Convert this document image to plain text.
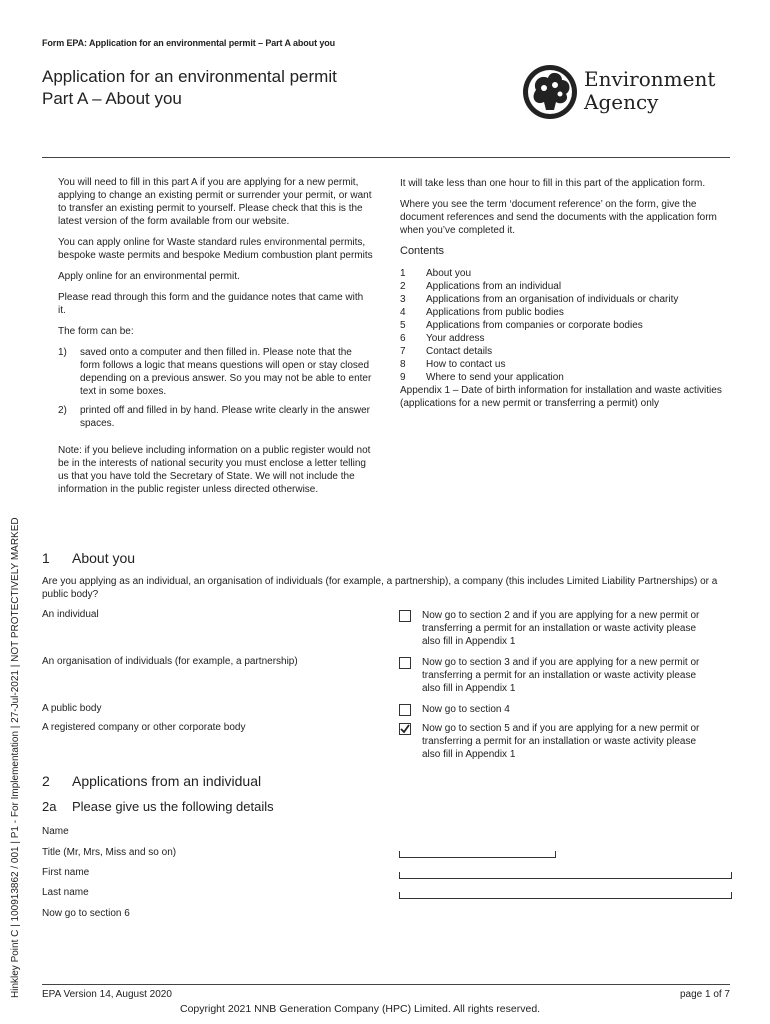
Form EPA: Application for an environmental permit – Part A about you
Application for an environmental permit
Part A – About you
Environment
Agency

You will need to fill in this part A if you are applying for a new permit, applying to change an existing permit or surrender your permit, or want to transfer an existing permit to yourself. Please check that this is the latest version of the form available from our website.

You can apply online for Waste standard rules environmental permits, bespoke waste permits and bespoke Medium combustion plant permits

Apply online for an environmental permit.

Please read through this form and the guidance notes that came with it.

The form can be:

1)	saved onto a computer and then filled in. Please note that the form follows a logic that means questions will open or stay closed depending on a previous answer. So you may not be able to enter text in some boxes.
2)	printed off and filled in by hand. Please write clearly in the answer spaces.

Note: if you believe including information on a public register would not be in the interests of national security you must enclose a letter telling us that you have told the Secretary of State. We will not include the information in the public register unless directed otherwise.

It will take less than one hour to fill in this part of the application form.

Where you see the term ‘document reference’ on the form, give the document references and send the documents with the application form when you’ve completed it.

Contents
1	About you
2	Applications from an individual
3	Applications from an organisation of individuals or charity
4	Applications from public bodies
5	Applications from companies or corporate bodies
6	Your address
7	Contact details
8	How to contact us
9	Where to send your application
Appendix 1 – Date of birth information for installation and waste activities (applications for a new permit or transferring a permit) only
Hinkley Point C | 100913862 / 001 | P1 - For Implementation | 27-Jul-2021 | NOT PROTECTIVELY MARKED 1 About you
Are you applying as an individual, an organisation of individuals (for example, a partnership), a company (this includes Limited Liability Partnerships) or a public body?
An individual	Now go to section 2 and if you are applying for a new permit or transferring a permit for an installation or waste activity please also fill in Appendix 1
An organisation of individuals (for example, a partnership)	Now go to section 3 and if you are applying for a new permit or transferring a permit for an installation or waste activity please also fill in Appendix 1
A public body	Now go to section 4
A registered company or other corporate body	Now go to section 5 and if you are applying for a new permit or transferring a permit for an installation or waste activity please also fill in Appendix 1
2 Applications from an individual
2a Please give us the following details
Name
Title (Mr, Mrs, Miss and so on)
First name
Last name
Now go to section 6
EPA Version 14, August 2020	page 1 of 7
Copyright 2021 NNB Generation Company (HPC) Limited. All rights reserved.
